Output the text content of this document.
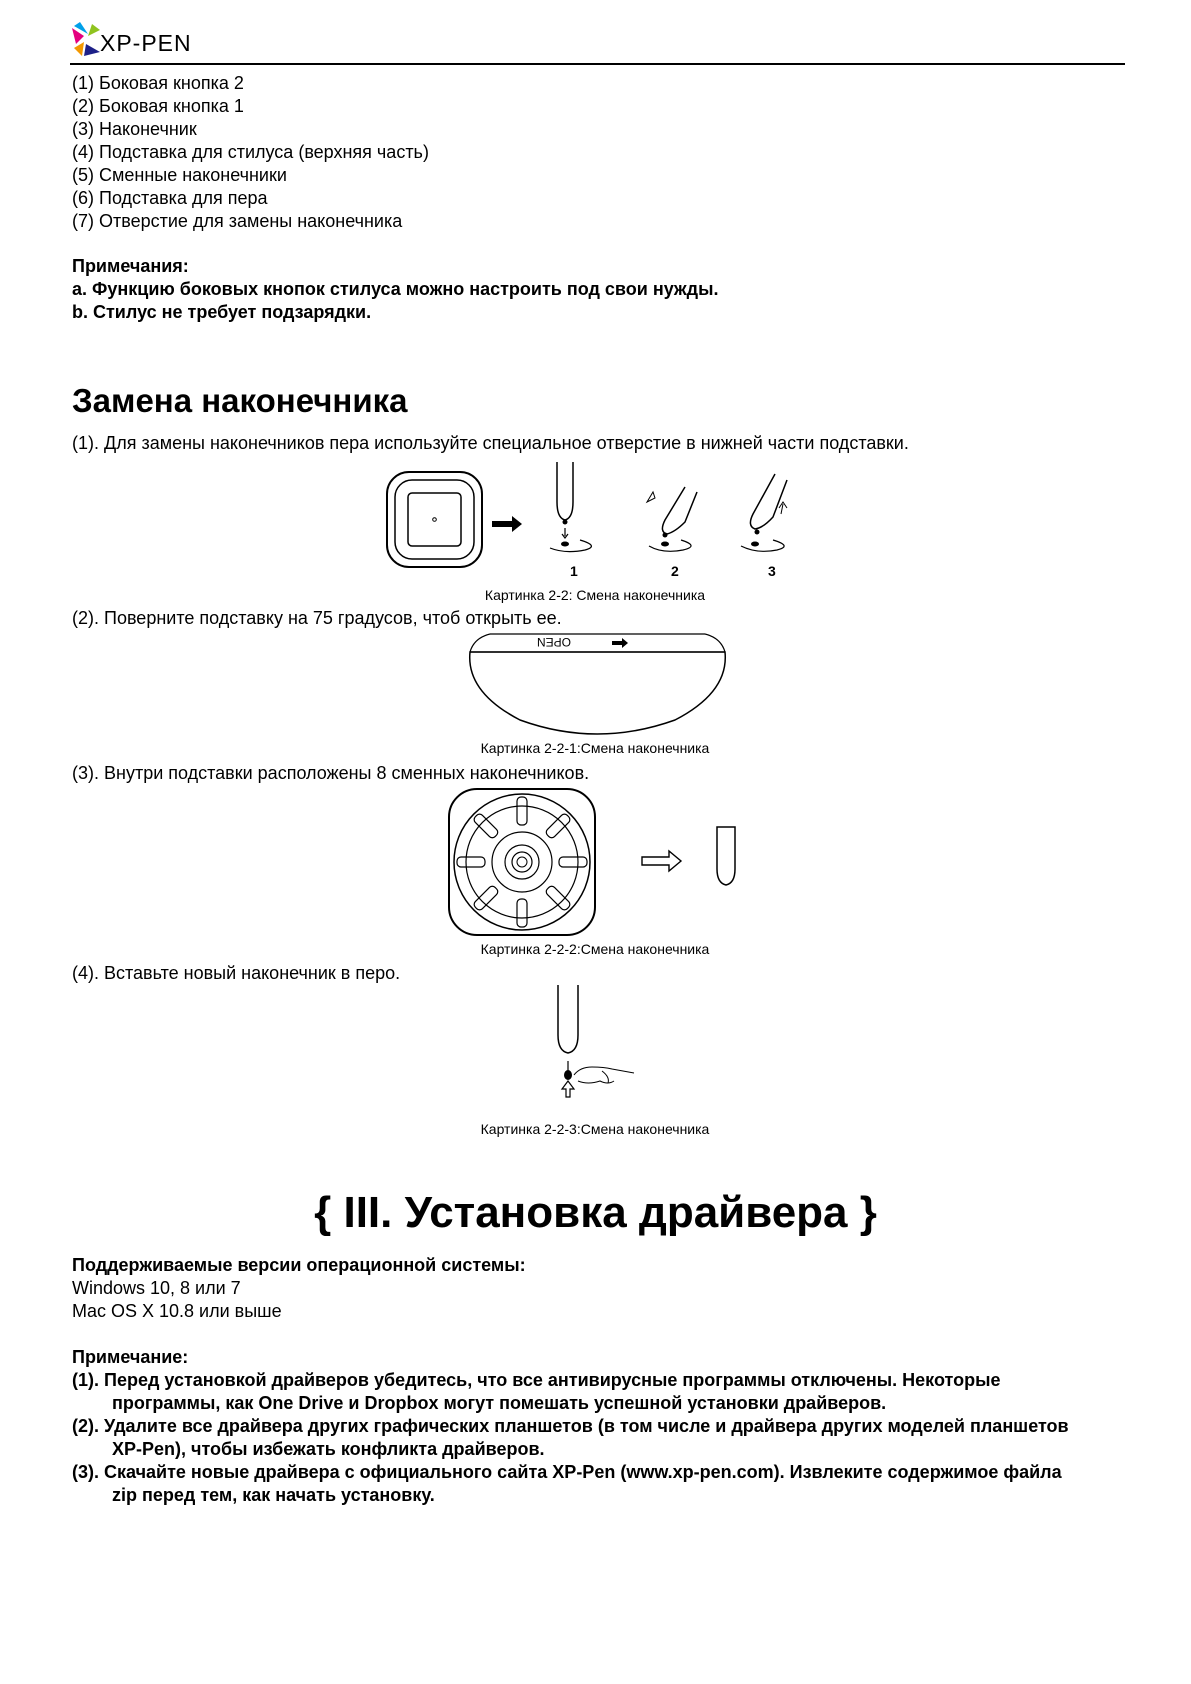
XP-PEN
(1) Боковая кнопка 2
(2) Боковая кнопка 1
(3) Наконечник
(4) Подставка для стилуса (верхняя часть)
(5) Сменные наконечники
(6) Подставка для пера
(7) Отверстие для замены наконечника
Примечания:
a. Функцию боковых кнопок стилуса можно настроить под свои нужды.
b. Стилус не требует подзарядки.
Замена наконечника
(1). Для замены наконечников пера используйте специальное отверстие в нижней части подставки.
1	2	3
Картинка 2-2: Смена наконечника
(2). Поверните подставку на 75 градусов, чтоб открыть ее.
OPEN
Картинка 2-2-1:Смена наконечника
(3). Внутри подставки расположены 8 сменных наконечников.
Картинка 2-2-2:Смена наконечника
(4). Вставьте новый наконечник в перо.
Картинка 2-2-3:Смена наконечника
{ III. Установка драйвера }
Поддерживаемые версии операционной системы:
Windows 10, 8 или 7
Mac OS X 10.8 или выше
Примечание:
(1). Перед установкой драйверов убедитесь, что все антивирусные программы отключены. Некоторые
программы, как One Drive и Dropbox могут помешать успешной установки драйверов.
(2). Удалите все драйвера других графических планшетов (в том числе и драйвера других моделей планшетов
XP-Pen), чтобы избежать конфликта драйверов.
(3). Скачайте новые драйвера с официального сайта XP-Pen (www.xp-pen.com). Извлеките содержимое файла
zip перед тем, как начать установку.
